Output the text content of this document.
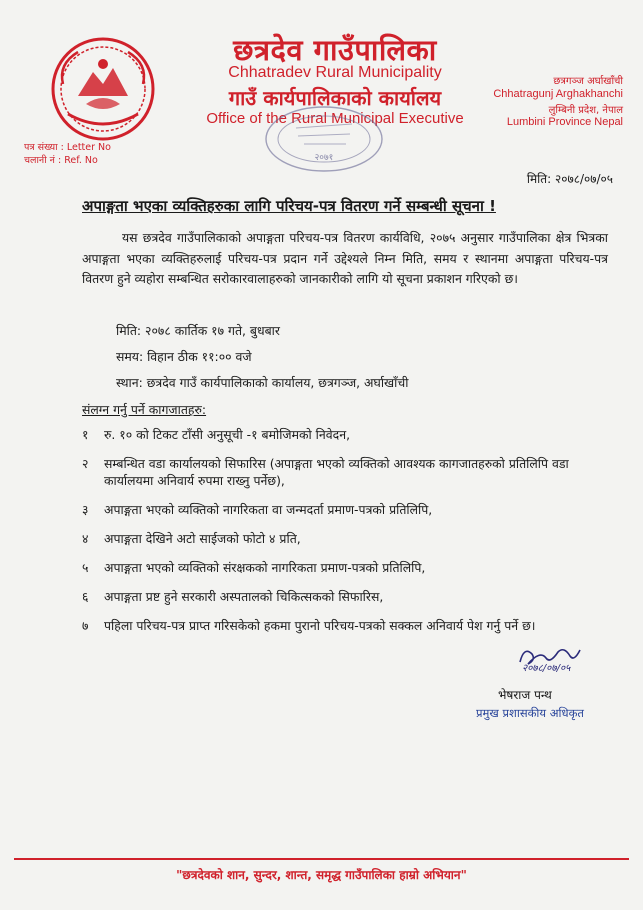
छत्रदेव गाउँपालिका
Chhatradev Rural Municipality
गाउँ कार्यपालिकाको कार्यालय
Office of the Rural Municipal Executive
छत्रगञ्ज अर्घाखाँची
Chhatragunj Arghakhanchi
लुम्बिनी प्रदेश, नेपाल
Lumbini Province Nepal
पत्र संख्या : Letter No
चलानी नं : Ref. No	२०७१
मिति: २०७८/०७/०५
अपाङ्गता भएका व्यक्तिहरुका लागि परिचय-पत्र वितरण गर्ने सम्बन्धी सूचना !

यस छत्रदेव गाउँपालिकाको अपाङ्गता परिचय-पत्र वितरण कार्यविधि, २०७५ अनुसार गाउँपालिका क्षेत्र भित्रका अपाङ्गता भएका व्यक्तिहरुलाई परिचय-पत्र प्रदान गर्ने उद्देश्यले निम्न मिति, समय र स्थानमा अपाङ्गता परिचय-पत्र वितरण हुने व्यहोरा सम्बन्धित सरोकारवालाहरुको जानकारीको लागि यो सूचना प्रकाशन गरिएको छ।

मिति: २०७८ कार्तिक १७ गते, बुधबार
समय: विहान ठीक ११:०० वजे
स्थान: छत्रदेव गाउँ कार्यपालिकाको कार्यालय, छत्रगञ्ज, अर्घाखाँची
संलग्न गर्नु पर्ने कागजातहरु:
१ रु. १० को टिकट टाँसी अनुसूची -१ बमोजिमको निवेदन,
२ सम्बन्धित वडा कार्यालयको सिफारिस (अपाङ्गता भएको व्यक्तिको आवश्यक कागजातहरुको प्रतिलिपि वडा कार्यालयमा अनिवार्य रुपमा राख्नु पर्नेछ),
३ अपाङ्गता भएको व्यक्तिको नागरिकता वा जन्मदर्ता प्रमाण-पत्रको प्रतिलिपि,
४ अपाङ्गता देखिने अटो साईजको फोटो ४ प्रति,
५ अपाङ्गता भएको व्यक्तिको संरक्षकको नागरिकता प्रमाण-पत्रको प्रतिलिपि,
६ अपाङ्गता प्रष्ट हुने सरकारी अस्पतालको चिकित्सकको सिफारिस,
७ पहिला परिचय-पत्र प्राप्त गरिसकेको हकमा पुरानो परिचय-पत्रको सक्कल अनिवार्य पेश गर्नु पर्ने छ।
२०७८/०७/०५
भेषराज पन्थ
प्रमुख प्रशासकीय अधिकृत
"छत्रदेवको शान, सुन्दर, शान्त, समृद्ध गाउँपालिका हाम्रो अभियान"
